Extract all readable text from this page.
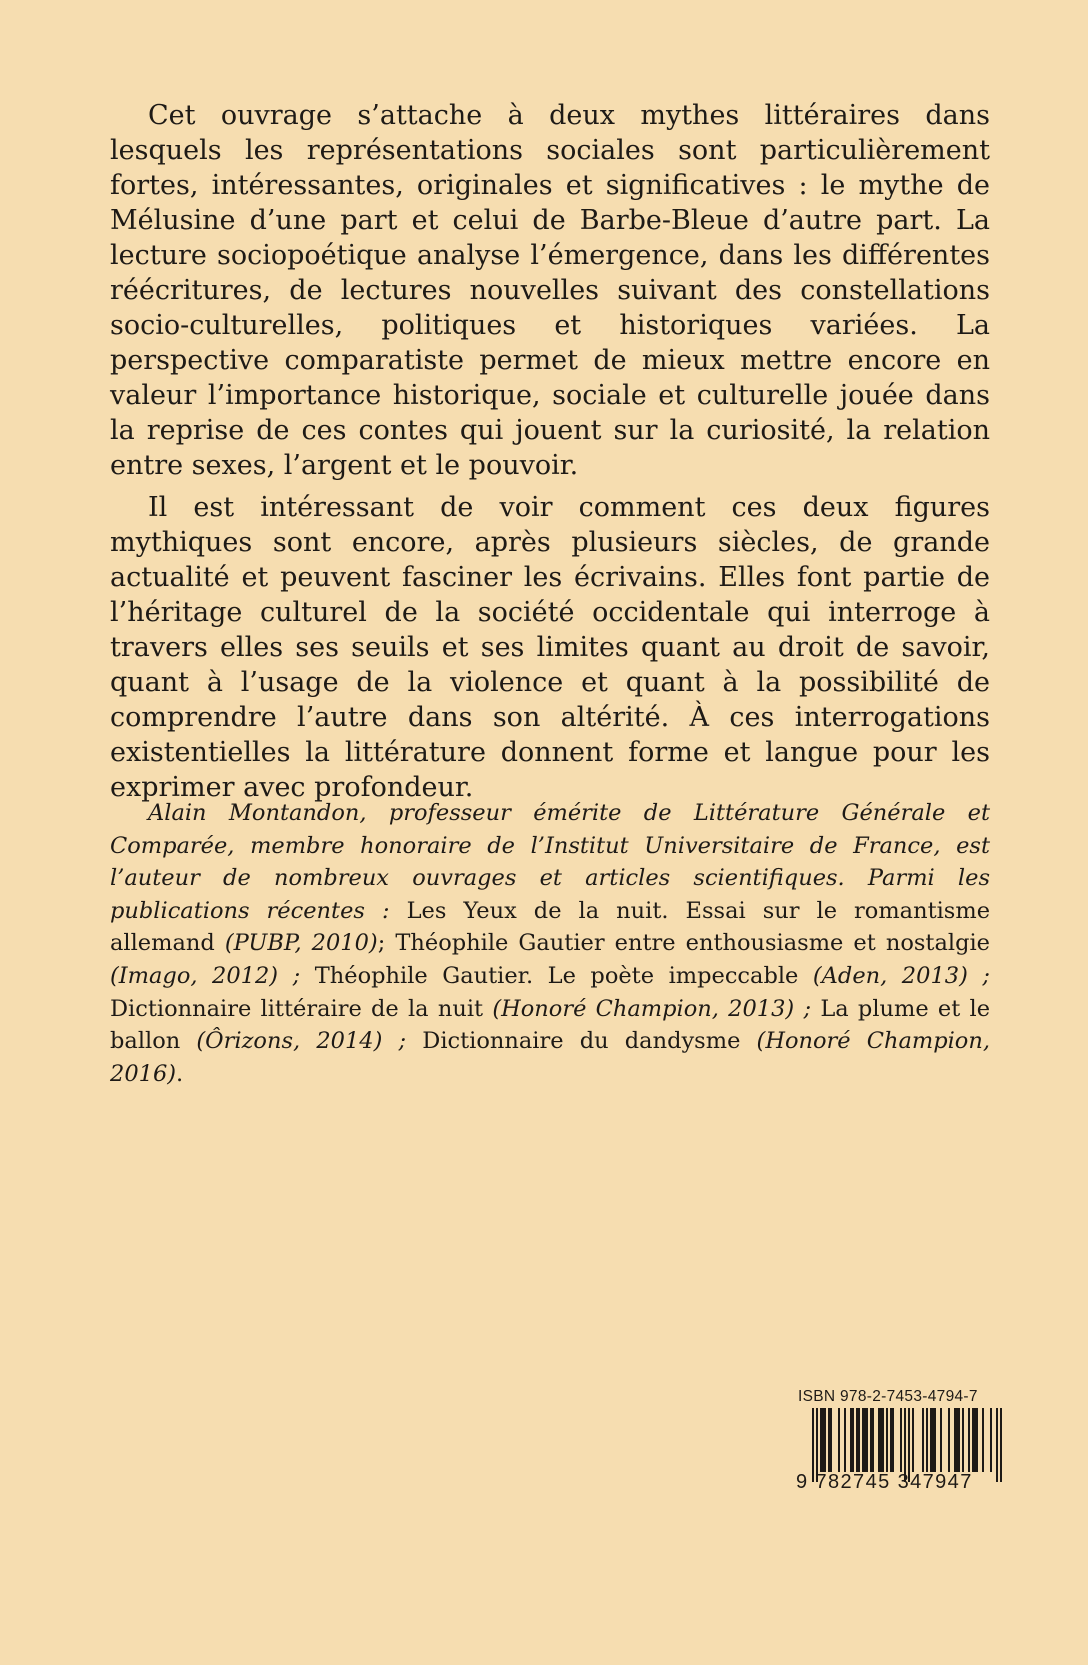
Cet ouvrage s’attache à deux mythes littéraires dans lesquels les représentations sociales sont particulièrement fortes, intéressantes, originales et significatives : le mythe de Mélusine d’une part et celui de Barbe-Bleue d’autre part. La lecture sociopoétique analyse l’émergence, dans les différentes réécritures, de lectures nouvelles suivant des constellations socio-culturelles, politiques et historiques variées. La perspective comparatiste permet de mieux mettre encore en valeur l’importance historique, sociale et culturelle jouée dans la reprise de ces contes qui jouent sur la curiosité, la relation entre sexes, l’argent et le pouvoir.

Il est intéressant de voir comment ces deux figures mythiques sont encore, après plusieurs siècles, de grande actualité et peuvent fasciner les écrivains. Elles font partie de l’héritage culturel de la société occidentale qui interroge à travers elles ses seuils et ses limites quant au droit de savoir, quant à l’usage de la violence et quant à la possibilité de comprendre l’autre dans son altérité. À ces interrogations existentielles la littérature donnent forme et langue pour les exprimer avec profondeur.

Alain Montandon, professeur émérite de Littérature Générale et Comparée, membre honoraire de l’Institut Universitaire de France, est l’auteur de nombreux ouvrages et articles scientifiques. Parmi les publications récentes : Les Yeux de la nuit. Essai sur le romantisme allemand (PUBP, 2010); Théophile Gautier entre enthousiasme et nostalgie (Imago, 2012) ; Théophile Gautier. Le poète impeccable (Aden, 2013) ; Dictionnaire littéraire de la nuit (Honoré Champion, 2013) ; La plume et le ballon (Ôrizons, 2014) ; Dictionnaire du dandysme (Honoré Champion, 2016).
ISBN 978-2-7453-4794-7
9 782745 347947
